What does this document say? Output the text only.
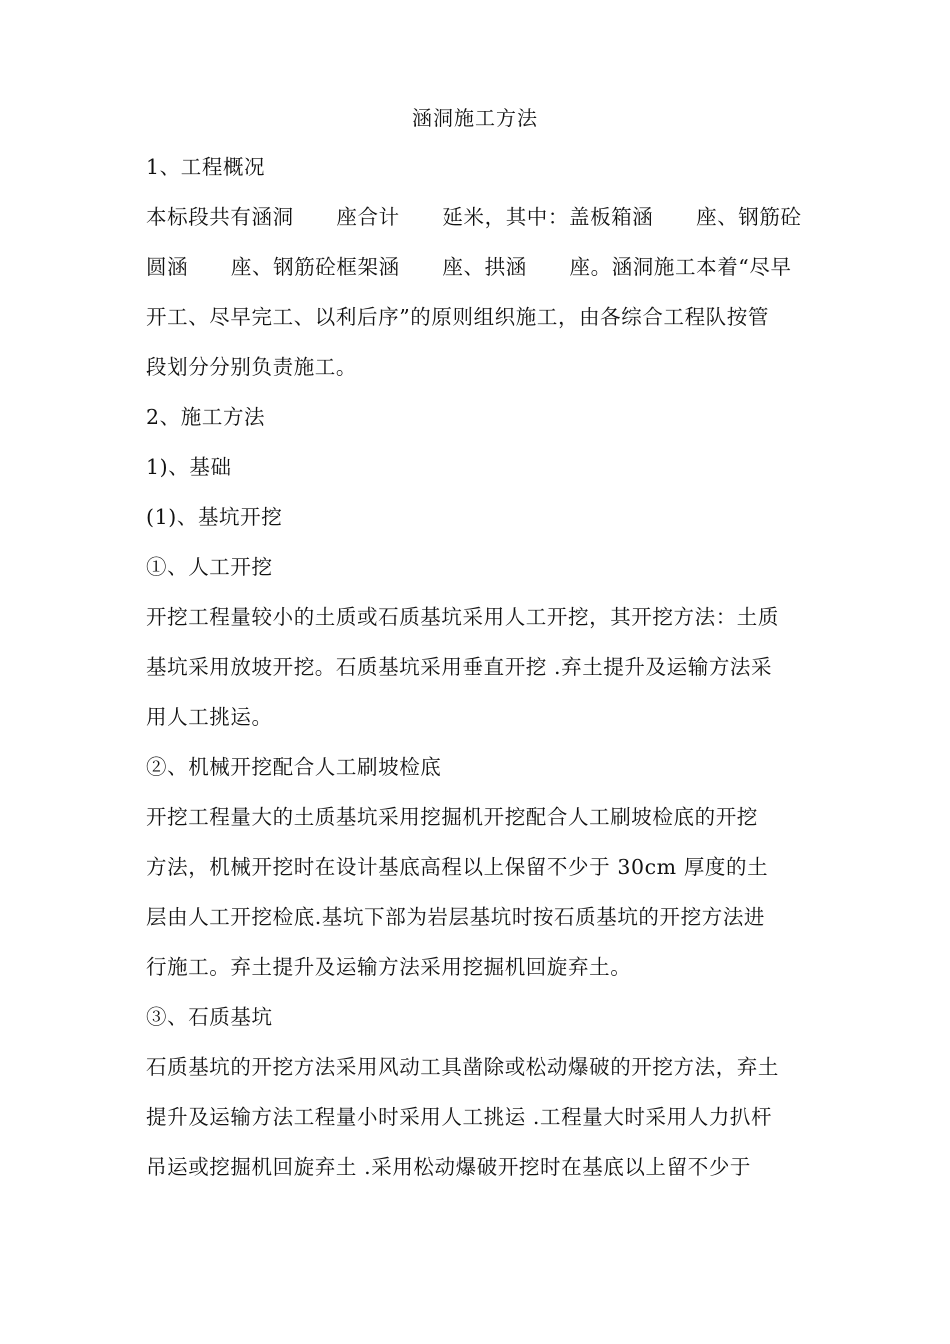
涵洞施工方法
1、工程概况
本标段共有涵洞      座合计      延米，其中：盖板箱涵      座、钢筋砼
圆涵      座、钢筋砼框架涵      座、拱涵      座。涵洞施工本着“尽早
开工、尽早完工、以利后序”的原则组织施工，由各综合工程队按管
段划分分别负责施工。
2、施工方法
1)、基础
(1)、基坑开挖
①、人工开挖
开挖工程量较小的土质或石质基坑采用人工开挖，其开挖方法：土质
基坑采用放坡开挖。石质基坑采用垂直开挖 .弃土提升及运输方法采
用人工挑运。
②、机械开挖配合人工刷坡检底
开挖工程量大的土质基坑采用挖掘机开挖配合人工刷坡检底的开挖
方法，机械开挖时在设计基底高程以上保留不少于 30cm 厚度的土
层由人工开挖检底.基坑下部为岩层基坑时按石质基坑的开挖方法进
行施工。弃土提升及运输方法采用挖掘机回旋弃土。
③、石质基坑
石质基坑的开挖方法采用风动工具凿除或松动爆破的开挖方法，弃土
提升及运输方法工程量小时采用人工挑运 .工程量大时采用人力扒杆
吊运或挖掘机回旋弃土 .采用松动爆破开挖时在基底以上留不少于
